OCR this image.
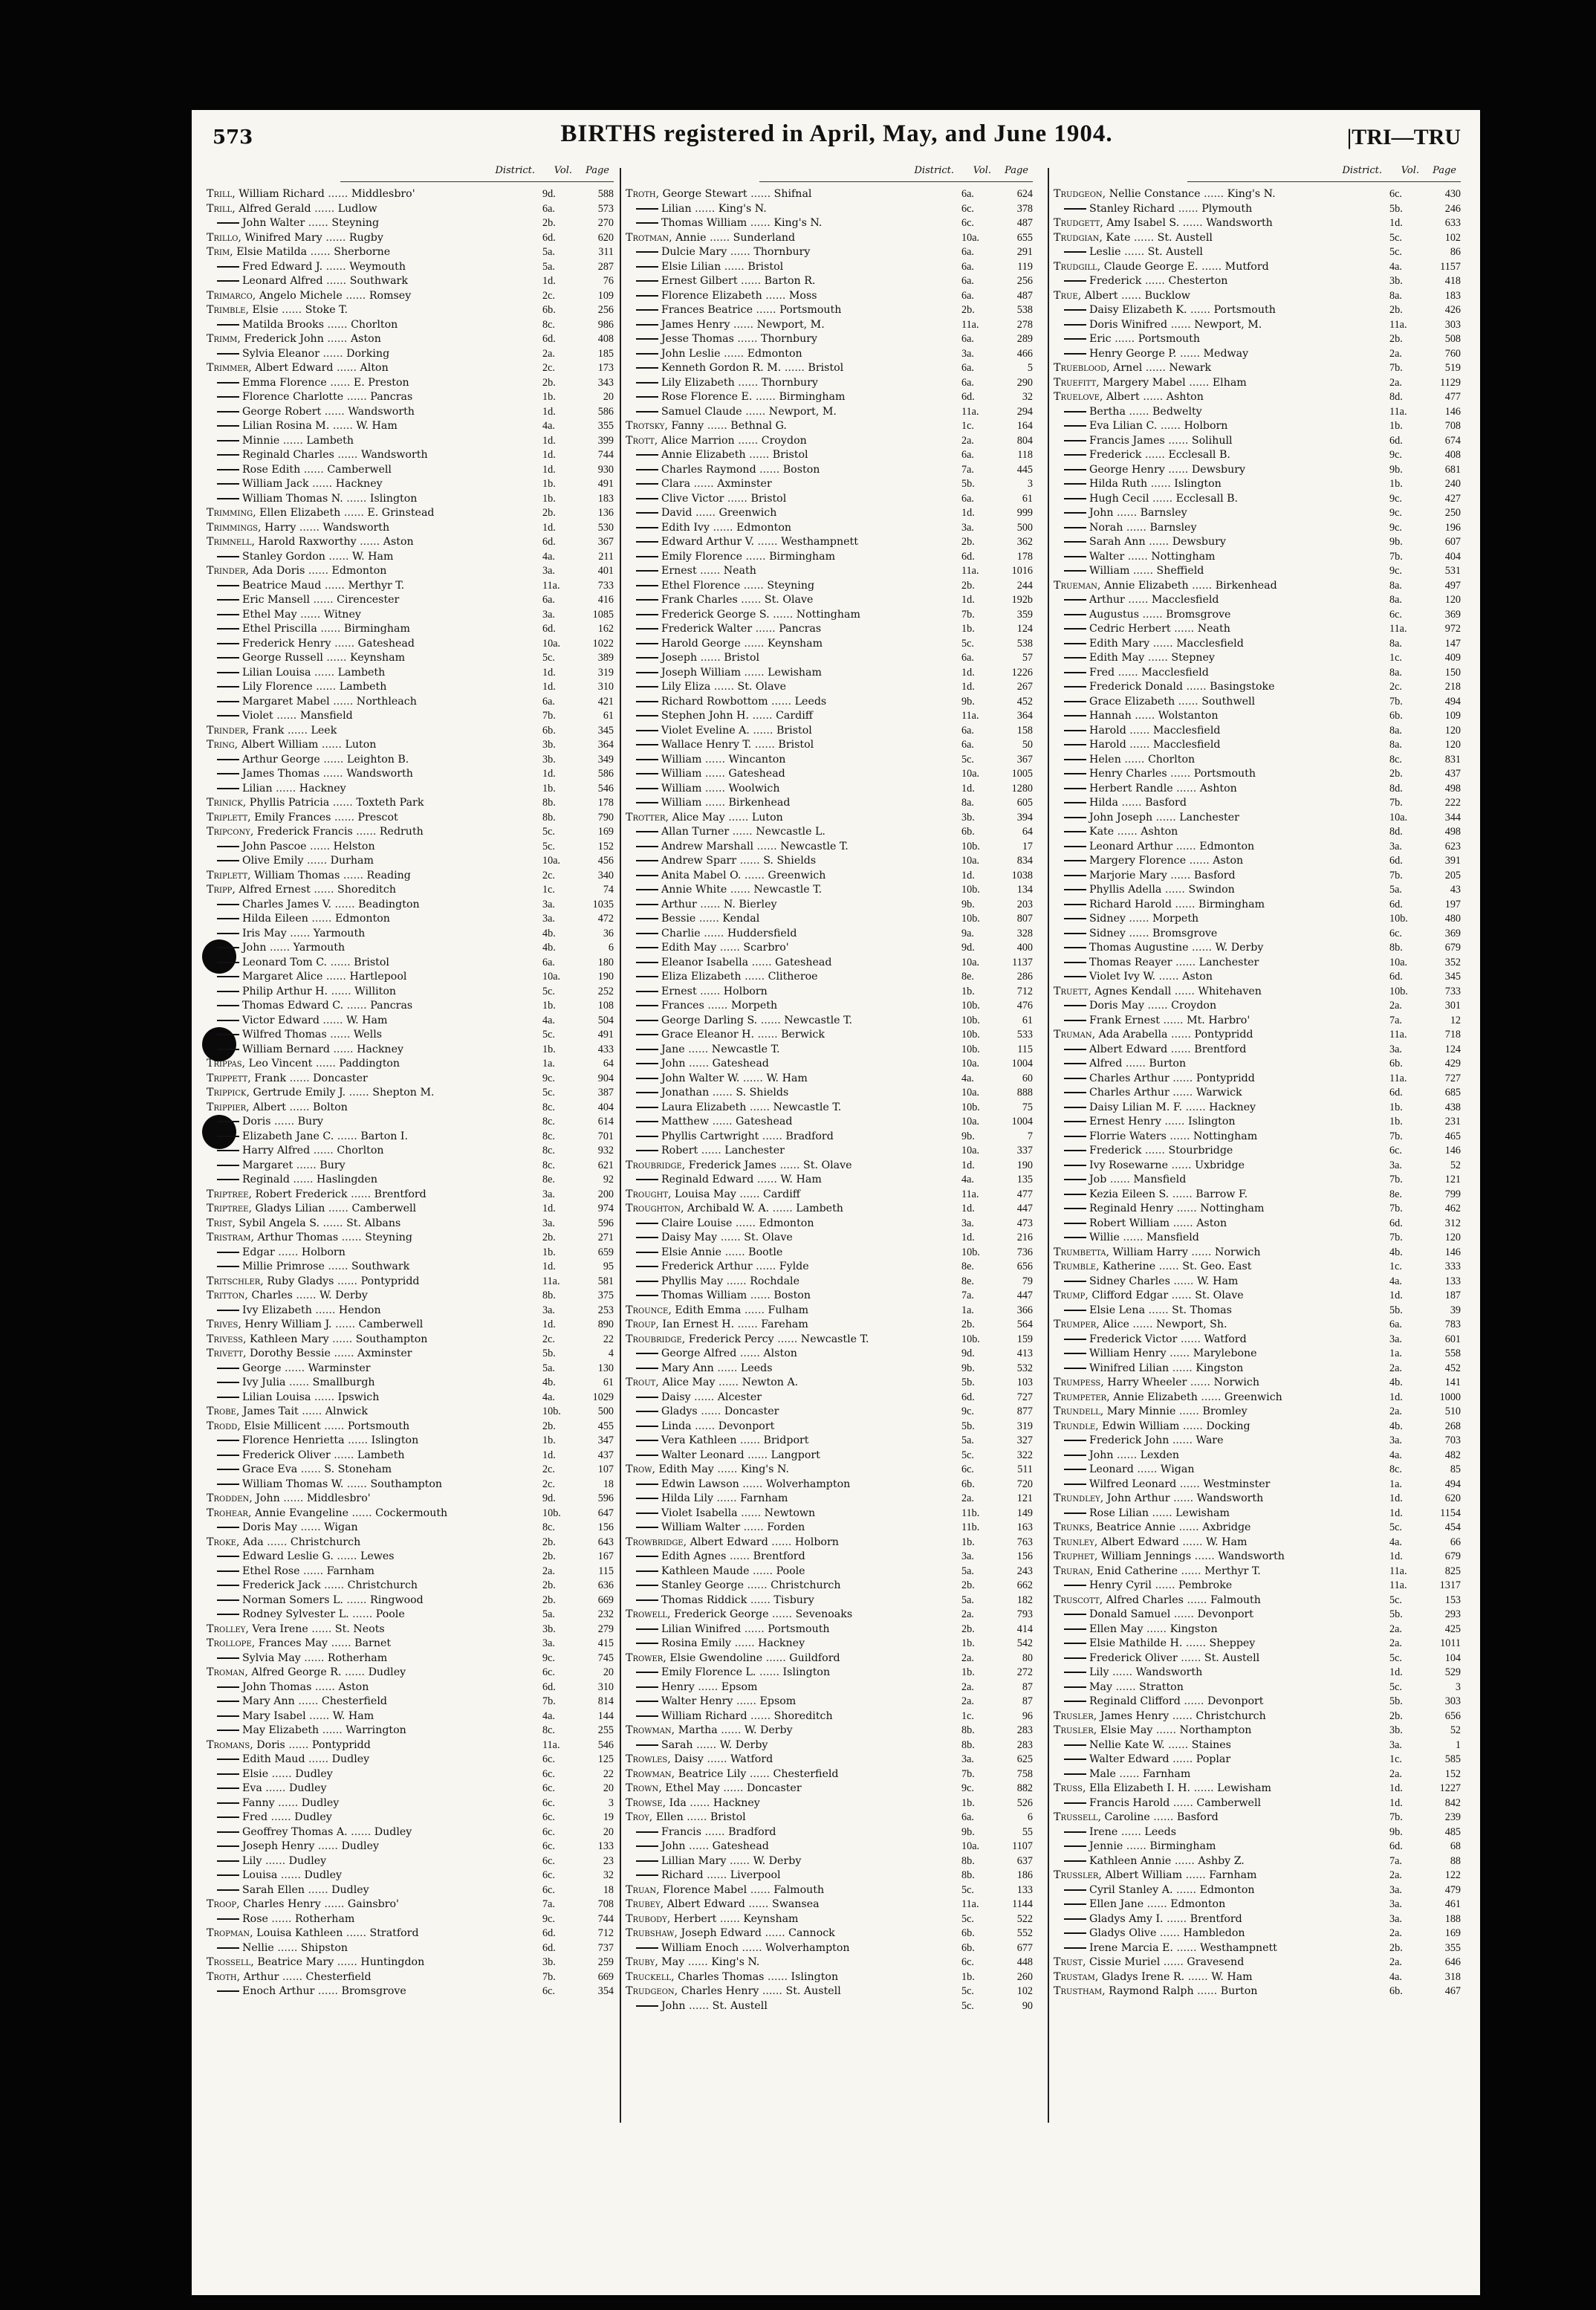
573	BIRTHS registered in April, May, and June 1904.	|TRI—TRU
District. Vol. Page
Trill, William Richard ...... Middlesbro'	9d.	588
Trill, Alfred Gerald ...... Ludlow	6a.	573
John Walter ...... Steyning	2b.	270
Trillo, Winifred Mary ...... Rugby	6d.	620
Trim, Elsie Matilda ...... Sherborne	5a.	311
Fred Edward J. ...... Weymouth	5a.	287
Leonard Alfred ...... Southwark	1d.	76
Trimarco, Angelo Michele ...... Romsey	2c.	109
Trimble, Elsie ...... Stoke T.	6b.	256
Matilda Brooks ...... Chorlton	8c.	986
Trimm, Frederick John ...... Aston	6d.	408
Sylvia Eleanor ...... Dorking	2a.	185
Trimmer, Albert Edward ...... Alton	2c.	173
Emma Florence ...... E. Preston	2b.	343
Florence Charlotte ...... Pancras	1b.	20
George Robert ...... Wandsworth	1d.	586
Lilian Rosina M. ...... W. Ham	4a.	355
Minnie ...... Lambeth	1d.	399
Reginald Charles ...... Wandsworth	1d.	744
Rose Edith ...... Camberwell	1d.	930
William Jack ...... Hackney	1b.	491
William Thomas N. ...... Islington	1b.	183
Trimming, Ellen Elizabeth ...... E. Grinstead	2b.	136
Trimmings, Harry ...... Wandsworth	1d.	530
Trimnell, Harold Raxworthy ...... Aston	6d.	367
Stanley Gordon ...... W. Ham	4a.	211
Trinder, Ada Doris ...... Edmonton	3a.	401
Beatrice Maud ...... Merthyr T.	11a.	733
Eric Mansell ...... Cirencester	6a.	416
Ethel May ...... Witney	3a.	1085
Ethel Priscilla ...... Birmingham	6d.	162
Frederick Henry ...... Gateshead	10a.	1022
George Russell ...... Keynsham	5c.	389
Lilian Louisa ...... Lambeth	1d.	319
Lily Florence ...... Lambeth	1d.	310
Margaret Mabel ...... Northleach	6a.	421
Violet ...... Mansfield	7b.	61
Trinder, Frank ...... Leek	6b.	345
Tring, Albert William ...... Luton	3b.	364
Arthur George ...... Leighton B.	3b.	349
James Thomas ...... Wandsworth	1d.	586
Lilian ...... Hackney	1b.	546
Trinick, Phyllis Patricia ...... Toxteth Park	8b.	178
Triplett, Emily Frances ...... Prescot	8b.	790
Tripcony, Frederick Francis ...... Redruth	5c.	169
John Pascoe ...... Helston	5c.	152
Olive Emily ...... Durham	10a.	456
Triplett, William Thomas ...... Reading	2c.	340
Tripp, Alfred Ernest ...... Shoreditch	1c.	74
Charles James V. ...... Beadington	3a.	1035
Hilda Eileen ...... Edmonton	3a.	472
Iris May ...... Yarmouth	4b.	36
John ...... Yarmouth	4b.	6
Leonard Tom C. ...... Bristol	6a.	180
Margaret Alice ...... Hartlepool	10a.	190
Philip Arthur H. ...... Williton	5c.	252
Thomas Edward C. ...... Pancras	1b.	108
Victor Edward ...... W. Ham	4a.	504
Wilfred Thomas ...... Wells	5c.	491
William Bernard ...... Hackney	1b.	433
Trippas, Leo Vincent ...... Paddington	1a.	64
Trippett, Frank ...... Doncaster	9c.	904
Trippick, Gertrude Emily J. ...... Shepton M.	5c.	387
Trippier, Albert ...... Bolton	8c.	404
Doris ...... Bury	8c.	614
Elizabeth Jane C. ...... Barton I.	8c.	701
Harry Alfred ...... Chorlton	8c.	932
Margaret ...... Bury	8c.	621
Reginald ...... Haslingden	8e.	92
Triptree, Robert Frederick ...... Brentford	3a.	200
Triptree, Gladys Lilian ...... Camberwell	1d.	974
Trist, Sybil Angela S. ...... St. Albans	3a.	596
Tristram, Arthur Thomas ...... Steyning	2b.	271
Edgar ...... Holborn	1b.	659
Millie Primrose ...... Southwark	1d.	95
Tritschler, Ruby Gladys ...... Pontypridd	11a.	581
Tritton, Charles ...... W. Derby	8b.	375
Ivy Elizabeth ...... Hendon	3a.	253
Trives, Henry William J. ...... Camberwell	1d.	890
Trivess, Kathleen Mary ...... Southampton	2c.	22
Trivett, Dorothy Bessie ...... Axminster	5b.	4
George ...... Warminster	5a.	130
Ivy Julia ...... Smallburgh	4b.	61
Lilian Louisa ...... Ipswich	4a.	1029
Trobe, James Tait ...... Alnwick	10b.	500
Trodd, Elsie Millicent ...... Portsmouth	2b.	455
Florence Henrietta ...... Islington	1b.	347
Frederick Oliver ...... Lambeth	1d.	437
Grace Eva ...... S. Stoneham	2c.	107
William Thomas W. ...... Southampton	2c.	18
Trodden, John ...... Middlesbro'	9d.	596
Trohear, Annie Evangeline ...... Cockermouth	10b.	647
Doris May ...... Wigan	8c.	156
Troke, Ada ...... Christchurch	2b.	643
Edward Leslie G. ...... Lewes	2b.	167
Ethel Rose ...... Farnham	2a.	115
Frederick Jack ...... Christchurch	2b.	636
Norman Somers L. ...... Ringwood	2b.	669
Rodney Sylvester L. ...... Poole	5a.	232
Trolley, Vera Irene ...... St. Neots	3b.	279
Trollope, Frances May ...... Barnet	3a.	415
Sylvia May ...... Rotherham	9c.	745
Troman, Alfred George R. ...... Dudley	6c.	20
John Thomas ...... Aston	6d.	310
Mary Ann ...... Chesterfield	7b.	814
Mary Isabel ...... W. Ham	4a.	144
May Elizabeth ...... Warrington	8c.	255
Tromans, Doris ...... Pontypridd	11a.	546
Edith Maud ...... Dudley	6c.	125
Elsie ...... Dudley	6c.	22
Eva ...... Dudley	6c.	20
Fanny ...... Dudley	6c.	3
Fred ...... Dudley	6c.	19
Geoffrey Thomas A. ...... Dudley	6c.	20
Joseph Henry ...... Dudley	6c.	133
Lily ...... Dudley	6c.	23
Louisa ...... Dudley	6c.	32
Sarah Ellen ...... Dudley	6c.	18
Troop, Charles Henry ...... Gainsbro'	7a.	708
Rose ...... Rotherham	9c.	744
Tropman, Louisa Kathleen ...... Stratford	6d.	712
Nellie ...... Shipston	6d.	737
Trossell, Beatrice Mary ...... Huntingdon	3b.	259
Troth, Arthur ...... Chesterfield	7b.	669
Enoch Arthur ...... Bromsgrove	6c.	354
District. Vol. Page
Troth, George Stewart ...... Shifnal	6a.	624
Lilian ...... King's N.	6c.	378
Thomas William ...... King's N.	6c.	487
Trotman, Annie ...... Sunderland	10a.	655
Dulcie Mary ...... Thornbury	6a.	291
Elsie Lilian ...... Bristol	6a.	119
Ernest Gilbert ...... Barton R.	6a.	256
Florence Elizabeth ...... Moss	6a.	487
Frances Beatrice ...... Portsmouth	2b.	538
James Henry ...... Newport, M.	11a.	278
Jesse Thomas ...... Thornbury	6a.	289
John Leslie ...... Edmonton	3a.	466
Kenneth Gordon R. M. ...... Bristol	6a.	5
Lily Elizabeth ...... Thornbury	6a.	290
Rose Florence E. ...... Birmingham	6d.	32
Samuel Claude ...... Newport, M.	11a.	294
Trotsky, Fanny ...... Bethnal G.	1c.	164
Trott, Alice Marrion ...... Croydon	2a.	804
Annie Elizabeth ...... Bristol	6a.	118
Charles Raymond ...... Boston	7a.	445
Clara ...... Axminster	5b.	3
Clive Victor ...... Bristol	6a.	61
David ...... Greenwich	1d.	999
Edith Ivy ...... Edmonton	3a.	500
Edward Arthur V. ...... Westhampnett	2b.	362
Emily Florence ...... Birmingham	6d.	178
Ernest ...... Neath	11a.	1016
Ethel Florence ...... Steyning	2b.	244
Frank Charles ...... St. Olave	1d.	192b
Frederick George S. ...... Nottingham	7b.	359
Frederick Walter ...... Pancras	1b.	124
Harold George ...... Keynsham	5c.	538
Joseph ...... Bristol	6a.	57
Joseph William ...... Lewisham	1d.	1226
Lily Eliza ...... St. Olave	1d.	267
Richard Rowbottom ...... Leeds	9b.	452
Stephen John H. ...... Cardiff	11a.	364
Violet Eveline A. ...... Bristol	6a.	158
Wallace Henry T. ...... Bristol	6a.	50
William ...... Wincanton	5c.	367
William ...... Gateshead	10a.	1005
William ...... Woolwich	1d.	1280
William ...... Birkenhead	8a.	605
Trotter, Alice May ...... Luton	3b.	394
Allan Turner ...... Newcastle L.	6b.	64
Andrew Marshall ...... Newcastle T.	10b.	17
Andrew Sparr ...... S. Shields	10a.	834
Anita Mabel O. ...... Greenwich	1d.	1038
Annie White ...... Newcastle T.	10b.	134
Arthur ...... N. Bierley	9b.	203
Bessie ...... Kendal	10b.	807
Charlie ...... Huddersfield	9a.	328
Edith May ...... Scarbro'	9d.	400
Eleanor Isabella ...... Gateshead	10a.	1137
Eliza Elizabeth ...... Clitheroe	8e.	286
Ernest ...... Holborn	1b.	712
Frances ...... Morpeth	10b.	476
George Darling S. ...... Newcastle T.	10b.	61
Grace Eleanor H. ...... Berwick	10b.	533
Jane ...... Newcastle T.	10b.	115
John ...... Gateshead	10a.	1004
John Walter W. ...... W. Ham	4a.	60
Jonathan ...... S. Shields	10a.	888
Laura Elizabeth ...... Newcastle T.	10b.	75
Matthew ...... Gateshead	10a.	1004
Phyllis Cartwright ...... Bradford	9b.	7
Robert ...... Lanchester	10a.	337
Troubridge, Frederick James ...... St. Olave	1d.	190
Reginald Edward ...... W. Ham	4a.	135
Trought, Louisa May ...... Cardiff	11a.	477
Troughton, Archibald W. A. ...... Lambeth	1d.	447
Claire Louise ...... Edmonton	3a.	473
Daisy May ...... St. Olave	1d.	216
Elsie Annie ...... Bootle	10b.	736
Frederick Arthur ...... Fylde	8e.	656
Phyllis May ...... Rochdale	8e.	79
Thomas William ...... Boston	7a.	447
Trounce, Edith Emma ...... Fulham	1a.	366
Troup, Ian Ernest H. ...... Fareham	2b.	564
Troubridge, Frederick Percy ...... Newcastle T.	10b.	159
George Alfred ...... Alston	9d.	413
Mary Ann ...... Leeds	9b.	532
Trout, Alice May ...... Newton A.	5b.	103
Daisy ...... Alcester	6d.	727
Gladys ...... Doncaster	9c.	877
Linda ...... Devonport	5b.	319
Vera Kathleen ...... Bridport	5a.	327
Walter Leonard ...... Langport	5c.	322
Trow, Edith May ...... King's N.	6c.	511
Edwin Lawson ...... Wolverhampton	6b.	720
Hilda Lily ...... Farnham	2a.	121
Violet Isabella ...... Newtown	11b.	149
William Walter ...... Forden	11b.	163
Trowbridge, Albert Edward ...... Holborn	1b.	763
Edith Agnes ...... Brentford	3a.	156
Kathleen Maude ...... Poole	5a.	243
Stanley George ...... Christchurch	2b.	662
Thomas Riddick ...... Tisbury	5a.	182
Trowell, Frederick George ...... Sevenoaks	2a.	793
Lilian Winifred ...... Portsmouth	2b.	414
Rosina Emily ...... Hackney	1b.	542
Trower, Elsie Gwendoline ...... Guildford	2a.	80
Emily Florence L. ...... Islington	1b.	272
Henry ...... Epsom	2a.	87
Walter Henry ...... Epsom	2a.	87
William Richard ...... Shoreditch	1c.	96
Trowman, Martha ...... W. Derby	8b.	283
Sarah ...... W. Derby	8b.	283
Trowles, Daisy ...... Watford	3a.	625
Trowman, Beatrice Lily ...... Chesterfield	7b.	758
Trown, Ethel May ...... Doncaster	9c.	882
Trowse, Ida ...... Hackney	1b.	526
Troy, Ellen ...... Bristol	6a.	6
Francis ...... Bradford	9b.	55
John ...... Gateshead	10a.	1107
Lillian Mary ...... W. Derby	8b.	637
Richard ...... Liverpool	8b.	186
Truan, Florence Mabel ...... Falmouth	5c.	133
Trubey, Albert Edward ...... Swansea	11a.	1144
Trubody, Herbert ...... Keynsham	5c.	522
Trubshaw, Joseph Edward ...... Cannock	6b.	552
William Enoch ...... Wolverhampton	6b.	677
Truby, May ...... King's N.	6c.	448
Truckell, Charles Thomas ...... Islington	1b.	260
Trudgeon, Charles Henry ...... St. Austell	5c.	102
John ...... St. Austell	5c.	90
District. Vol. Page
Trudgeon, Nellie Constance ...... King's N.	6c.	430
Stanley Richard ...... Plymouth	5b.	246
Trudgett, Amy Isabel S. ...... Wandsworth	1d.	633
Trudgian, Kate ...... St. Austell	5c.	102
Leslie ...... St. Austell	5c.	86
Trudgill, Claude George E. ...... Mutford	4a.	1157
Frederick ...... Chesterton	3b.	418
True, Albert ...... Bucklow	8a.	183
Daisy Elizabeth K. ...... Portsmouth	2b.	426
Doris Winifred ...... Newport, M.	11a.	303
Eric ...... Portsmouth	2b.	508
Henry George P. ...... Medway	2a.	760
Trueblood, Arnel ...... Newark	7b.	519
Truefitt, Margery Mabel ...... Elham	2a.	1129
Truelove, Albert ...... Ashton	8d.	477
Bertha ...... Bedwelty	11a.	146
Eva Lilian C. ...... Holborn	1b.	708
Francis James ...... Solihull	6d.	674
Frederick ...... Ecclesall B.	9c.	408
George Henry ...... Dewsbury	9b.	681
Hilda Ruth ...... Islington	1b.	240
Hugh Cecil ...... Ecclesall B.	9c.	427
John ...... Barnsley	9c.	250
Norah ...... Barnsley	9c.	196
Sarah Ann ...... Dewsbury	9b.	607
Walter ...... Nottingham	7b.	404
William ...... Sheffield	9c.	531
Trueman, Annie Elizabeth ...... Birkenhead	8a.	497
Arthur ...... Macclesfield	8a.	120
Augustus ...... Bromsgrove	6c.	369
Cedric Herbert ...... Neath	11a.	972
Edith Mary ...... Macclesfield	8a.	147
Edith May ...... Stepney	1c.	409
Fred ...... Macclesfield	8a.	150
Frederick Donald ...... Basingstoke	2c.	218
Grace Elizabeth ...... Southwell	7b.	494
Hannah ...... Wolstanton	6b.	109
Harold ...... Macclesfield	8a.	120
Harold ...... Macclesfield	8a.	120
Helen ...... Chorlton	8c.	831
Henry Charles ...... Portsmouth	2b.	437
Herbert Randle ...... Ashton	8d.	498
Hilda ...... Basford	7b.	222
John Joseph ...... Lanchester	10a.	344
Kate ...... Ashton	8d.	498
Leonard Arthur ...... Edmonton	3a.	623
Margery Florence ...... Aston	6d.	391
Marjorie Mary ...... Basford	7b.	205
Phyllis Adella ...... Swindon	5a.	43
Richard Harold ...... Birmingham	6d.	197
Sidney ...... Morpeth	10b.	480
Sidney ...... Bromsgrove	6c.	369
Thomas Augustine ...... W. Derby	8b.	679
Thomas Reayer ...... Lanchester	10a.	352
Violet Ivy W. ...... Aston	6d.	345
Truett, Agnes Kendall ...... Whitehaven	10b.	733
Doris May ...... Croydon	2a.	301
Frank Ernest ...... Mt. Harbro'	7a.	12
Truman, Ada Arabella ...... Pontypridd	11a.	718
Albert Edward ...... Brentford	3a.	124
Alfred ...... Burton	6b.	429
Charles Arthur ...... Pontypridd	11a.	727
Charles Arthur ...... Warwick	6d.	685
Daisy Lilian M. F. ...... Hackney	1b.	438
Ernest Henry ...... Islington	1b.	231
Florrie Waters ...... Nottingham	7b.	465
Frederick ...... Stourbridge	6c.	146
Ivy Rosewarne ...... Uxbridge	3a.	52
Job ...... Mansfield	7b.	121
Kezia Eileen S. ...... Barrow F.	8e.	799
Reginald Henry ...... Nottingham	7b.	462
Robert William ...... Aston	6d.	312
Willie ...... Mansfield	7b.	120
Trumbetta, William Harry ...... Norwich	4b.	146
Trumble, Katherine ...... St. Geo. East	1c.	333
Sidney Charles ...... W. Ham	4a.	133
Trump, Clifford Edgar ...... St. Olave	1d.	187
Elsie Lena ...... St. Thomas	5b.	39
Trumper, Alice ...... Newport, Sh.	6a.	783
Frederick Victor ...... Watford	3a.	601
William Henry ...... Marylebone	1a.	558
Winifred Lilian ...... Kingston	2a.	452
Trumpess, Harry Wheeler ...... Norwich	4b.	141
Trumpeter, Annie Elizabeth ...... Greenwich	1d.	1000
Trundell, Mary Minnie ...... Bromley	2a.	510
Trundle, Edwin William ...... Docking	4b.	268
Frederick John ...... Ware	3a.	703
John ...... Lexden	4a.	482
Leonard ...... Wigan	8c.	85
Wilfred Leonard ...... Westminster	1a.	494
Trundley, John Arthur ...... Wandsworth	1d.	620
Rose Lilian ...... Lewisham	1d.	1154
Trunks, Beatrice Annie ...... Axbridge	5c.	454
Trunley, Albert Edward ...... W. Ham	4a.	66
Truphet, William Jennings ...... Wandsworth	1d.	679
Truran, Enid Catherine ...... Merthyr T.	11a.	825
Henry Cyril ...... Pembroke	11a.	1317
Truscott, Alfred Charles ...... Falmouth	5c.	153
Donald Samuel ...... Devonport	5b.	293
Ellen May ...... Kingston	2a.	425
Elsie Mathilde H. ...... Sheppey	2a.	1011
Frederick Oliver ...... St. Austell	5c.	104
Lily ...... Wandsworth	1d.	529
May ...... Stratton	5c.	3
Reginald Clifford ...... Devonport	5b.	303
Trusler, James Henry ...... Christchurch	2b.	656
Trusler, Elsie May ...... Northampton	3b.	52
Nellie Kate W. ...... Staines	3a.	1
Walter Edward ...... Poplar	1c.	585
Male ...... Farnham	2a.	152
Truss, Ella Elizabeth I. H. ...... Lewisham	1d.	1227
Francis Harold ...... Camberwell	1d.	842
Trussell, Caroline ...... Basford	7b.	239
Irene ...... Leeds	9b.	485
Jennie ...... Birmingham	6d.	68
Kathleen Annie ...... Ashby Z.	7a.	88
Trussler, Albert William ...... Farnham	2a.	122
Cyril Stanley A. ...... Edmonton	3a.	479
Ellen Jane ...... Edmonton	3a.	461
Gladys Amy I. ...... Brentford	3a.	188
Gladys Olive ...... Hambledon	2a.	169
Irene Marcia E. ...... Westhampnett	2b.	355
Trust, Cissie Muriel ...... Gravesend	2a.	646
Trustam, Gladys Irene R. ...... W. Ham	4a.	318
Trustham, Raymond Ralph ...... Burton	6b.	467
